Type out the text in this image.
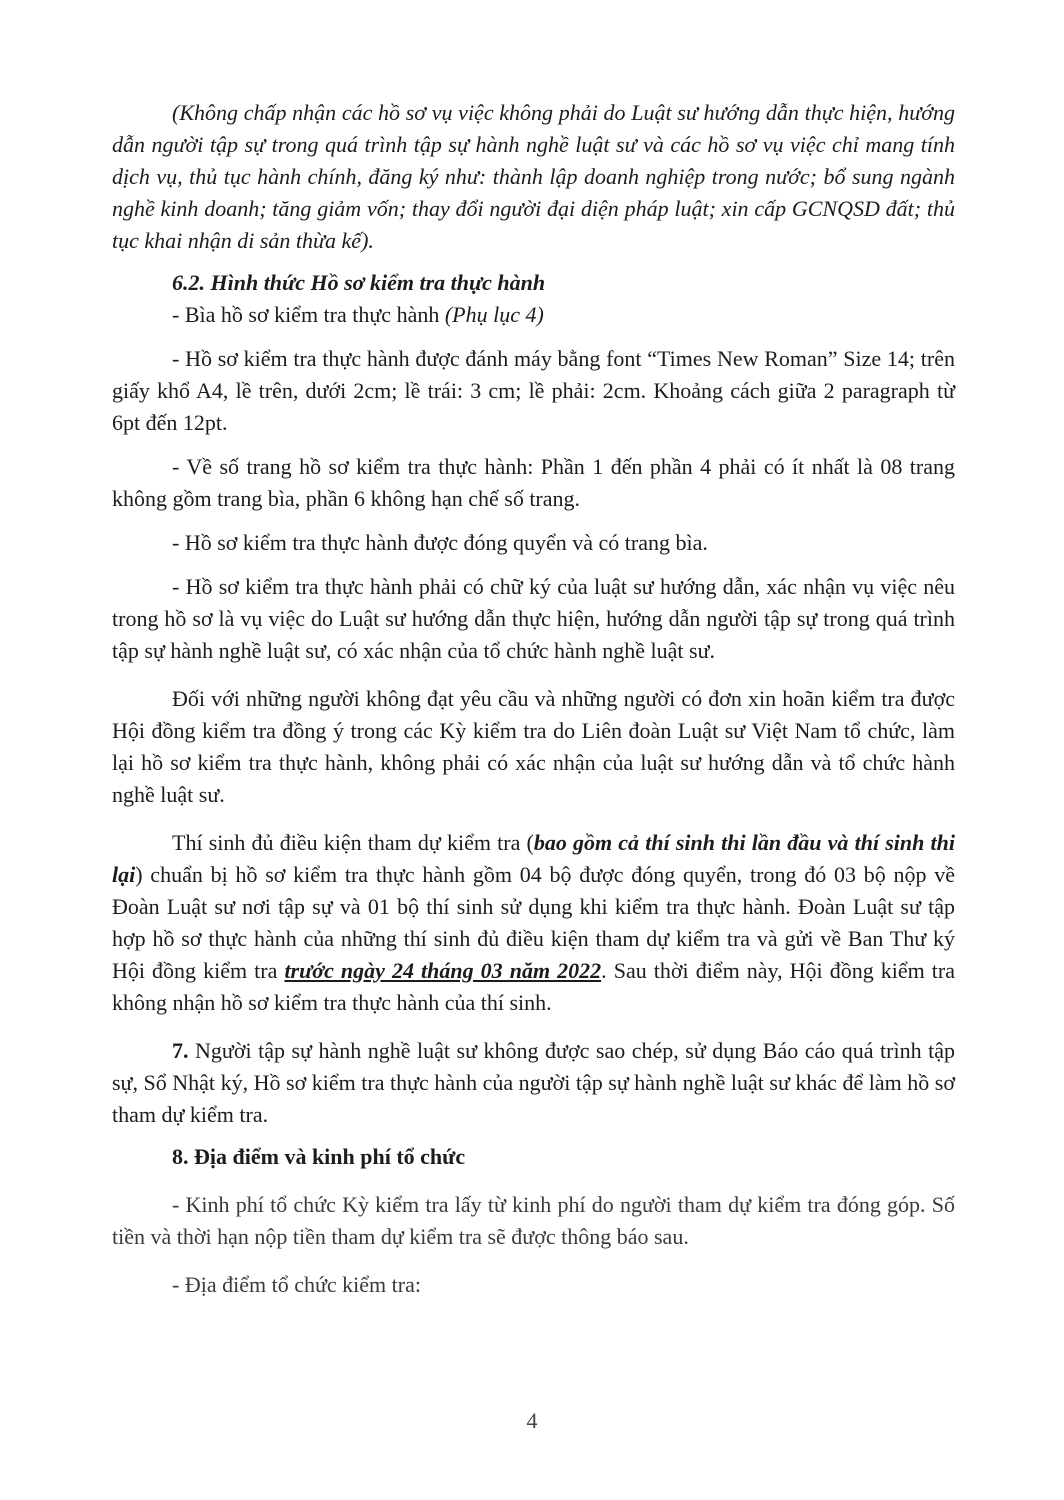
(Không chấp nhận các hồ sơ vụ việc không phải do Luật sư hướng dẫn thực hiện, hướng dẫn người tập sự trong quá trình tập sự hành nghề luật sư và các hồ sơ vụ việc chỉ mang tính dịch vụ, thủ tục hành chính, đăng ký như: thành lập doanh nghiệp trong nước; bổ sung ngành nghề kinh doanh; tăng giảm vốn; thay đổi người đại diện pháp luật; xin cấp GCNQSD đất; thủ tục khai nhận di sản thừa kế).

6.2. Hình thức Hồ sơ kiểm tra thực hành

- Bìa hồ sơ kiểm tra thực hành (Phụ lục 4)

- Hồ sơ kiểm tra thực hành được đánh máy bằng font “Times New Roman” Size 14; trên giấy khổ A4, lề trên, dưới 2cm; lề trái: 3 cm; lề phải: 2cm. Khoảng cách giữa 2 paragraph từ 6pt đến 12pt.

- Về số trang hồ sơ kiểm tra thực hành: Phần 1 đến phần 4 phải có ít nhất là 08 trang không gồm trang bìa, phần 6 không hạn chế số trang.

- Hồ sơ kiểm tra thực hành được đóng quyển và có trang bìa.

- Hồ sơ kiểm tra thực hành phải có chữ ký của luật sư hướng dẫn, xác nhận vụ việc nêu trong hồ sơ là vụ việc do Luật sư hướng dẫn thực hiện, hướng dẫn người tập sự trong quá trình tập sự hành nghề luật sư, có xác nhận của tổ chức hành nghề luật sư.

Đối với những người không đạt yêu cầu và những người có đơn xin hoãn kiểm tra được Hội đồng kiểm tra đồng ý trong các Kỳ kiểm tra do Liên đoàn Luật sư Việt Nam tổ chức, làm lại hồ sơ kiểm tra thực hành, không phải có xác nhận của luật sư hướng dẫn và tổ chức hành nghề luật sư.

Thí sinh đủ điều kiện tham dự kiểm tra (bao gồm cả thí sinh thi lần đầu và thí sinh thi lại) chuẩn bị hồ sơ kiểm tra thực hành gồm 04 bộ được đóng quyển, trong đó 03 bộ nộp về Đoàn Luật sư nơi tập sự và 01 bộ thí sinh sử dụng khi kiểm tra thực hành. Đoàn Luật sư tập hợp hồ sơ thực hành của những thí sinh đủ điều kiện tham dự kiểm tra và gửi về Ban Thư ký Hội đồng kiểm tra trước ngày 24 tháng 03 năm 2022. Sau thời điểm này, Hội đồng kiểm tra không nhận hồ sơ kiểm tra thực hành của thí sinh.

7. Người tập sự hành nghề luật sư không được sao chép, sử dụng Báo cáo quá trình tập sự, Sổ Nhật ký, Hồ sơ kiểm tra thực hành của người tập sự hành nghề luật sư khác để làm hồ sơ tham dự kiểm tra.

8. Địa điểm và kinh phí tổ chức

- Kinh phí tổ chức Kỳ kiểm tra lấy từ kinh phí do người tham dự kiểm tra đóng góp. Số tiền và thời hạn nộp tiền tham dự kiểm tra sẽ được thông báo sau.

- Địa điểm tổ chức kiểm tra:

4
